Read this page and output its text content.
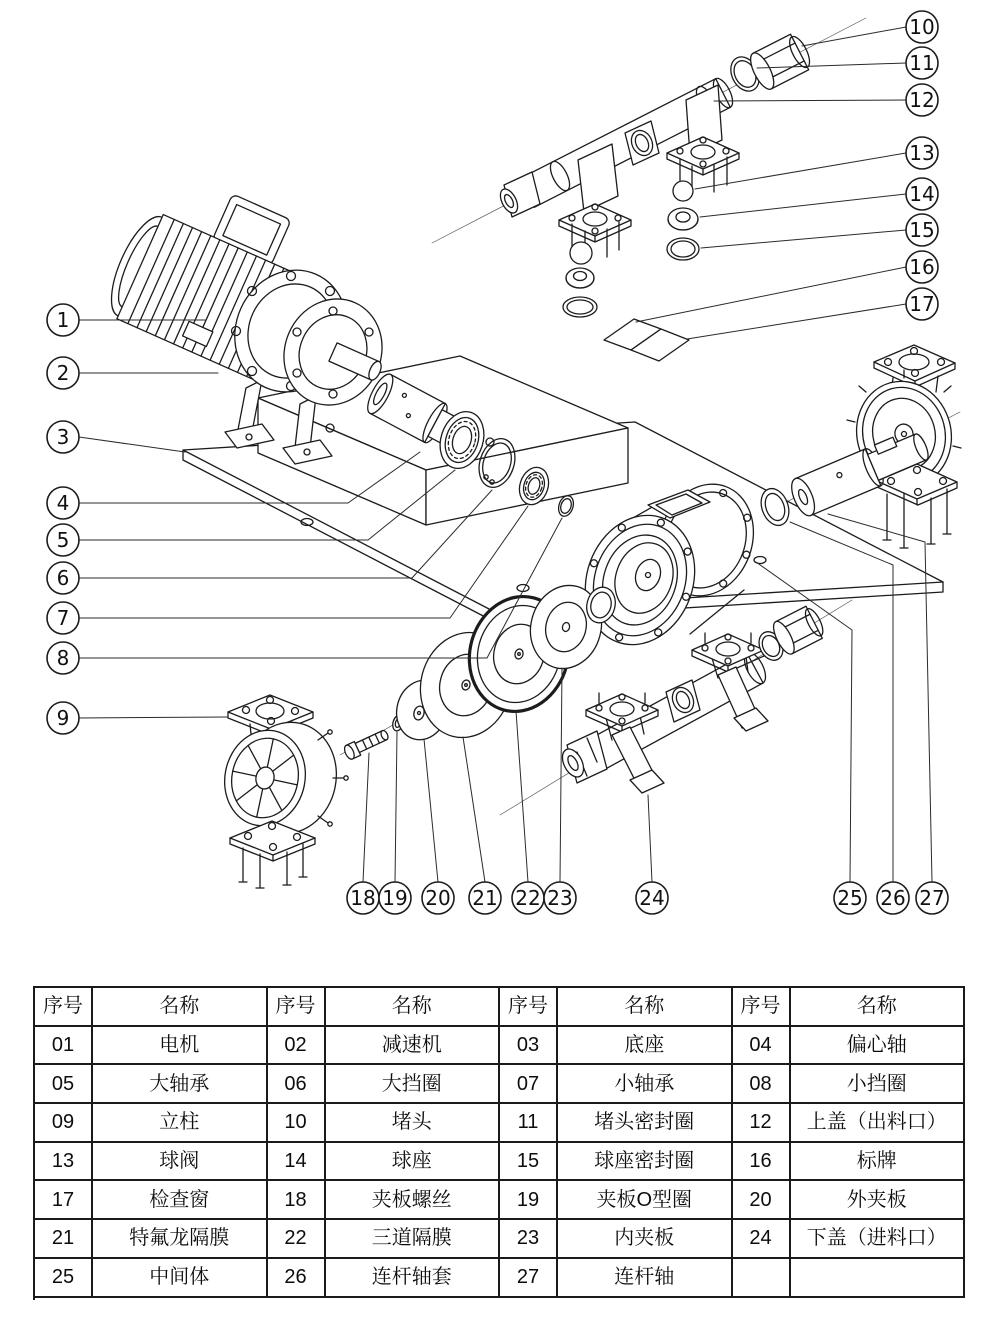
1
2
3
4
5
6
7
8
9
10
11
12
13
14
15
16
17
18 19 20 21 22 23	24	25 26 27
序号	名称	序号	名称	序号	名称	序号	名称
01	电机	02	减速机	03	底座	04	偏心轴
05	大轴承	06	大挡圈	07	小轴承	08	小挡圈
09	立柱	10	堵头	11	堵头密封圈	12	上盖（出料口）
13	球阀	14	球座	15	球座密封圈	16	标牌
17	检查窗	18	夹板螺丝	19	夹板O型圈	20	外夹板
21	特氟龙隔膜	22	三道隔膜	23	内夹板	24	下盖（进料口）
25	中间体	26	连杆轴套	27	连杆轴
